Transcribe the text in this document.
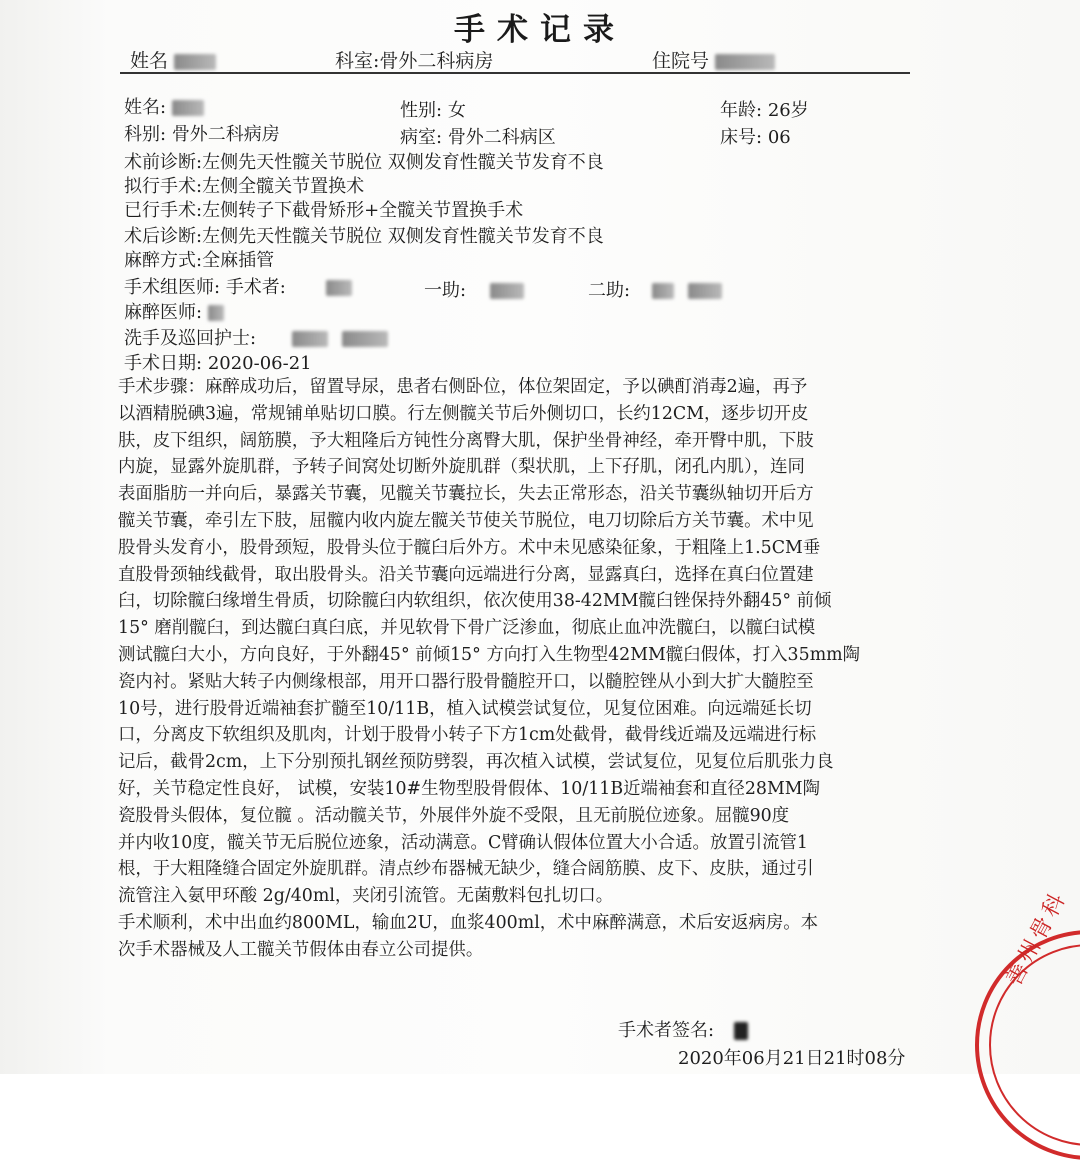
手术记录
姓名	科室:骨外二科病房	住院号
姓名:	性别: 女	年龄: 26岁
科别: 骨外二科病房	病室: 骨外二科病区	床号: 06
术前诊断:左侧先天性髋关节脱位 双侧发育性髋关节发育不良
拟行手术:左侧全髋关节置换术
已行手术:左侧转子下截骨矫形+全髋关节置换手术
术后诊断:左侧先天性髋关节脱位 双侧发育性髋关节发育不良
麻醉方式:全麻插管
手术组医师: 手术者:	一助:	二助:
麻醉医师:
洗手及巡回护士:
手术日期: 2020-06-21

手术步骤：麻醉成功后，留置导尿，患者右侧卧位，体位架固定，予以碘酊消毒2遍，再予

以酒精脱碘3遍，常规铺单贴切口膜。行左侧髋关节后外侧切口，长约12CM，逐步切开皮

肤，皮下组织，阔筋膜，予大粗隆后方钝性分离臀大肌，保护坐骨神经，牵开臀中肌，下肢

内旋，显露外旋肌群，予转子间窝处切断外旋肌群（梨状肌，上下孖肌，闭孔内肌），连同

表面脂肪一并向后，暴露关节囊，见髋关节囊拉长，失去正常形态，沿关节囊纵轴切开后方

髋关节囊，牵引左下肢，屈髋内收内旋左髋关节使关节脱位，电刀切除后方关节囊。术中见

股骨头发育小，股骨颈短，股骨头位于髋臼后外方。术中未见感染征象，于粗隆上1.5CM垂

直股骨颈轴线截骨，取出股骨头。沿关节囊向远端进行分离，显露真臼，选择在真臼位置建

臼，切除髋臼缘增生骨质，切除髋臼内软组织，依次使用38-42MM髋臼锉保持外翻45° 前倾

15° 磨削髋臼，到达髋臼真臼底，并见软骨下骨广泛渗血，彻底止血冲洗髋臼，以髋臼试模

测试髋臼大小，方向良好，于外翻45° 前倾15° 方向打入生物型42MM髋臼假体，打入35mm陶

瓷内衬。紧贴大转子内侧缘根部，用开口器行股骨髓腔开口，以髓腔锉从小到大扩大髓腔至

10号，进行股骨近端袖套扩髓至10/11B，植入试模尝试复位，见复位困难。向远端延长切

口，分离皮下软组织及肌肉，计划于股骨小转子下方1cm处截骨，截骨线近端及远端进行标

记后，截骨2cm，上下分别预扎钢丝预防劈裂，再次植入试模，尝试复位，见复位后肌张力良

好，关节稳定性良好， 试模，安装10#生物型股骨假体、10/11B近端袖套和直径28MM陶

瓷股骨头假体，复位髋 。活动髋关节，外展伴外旋不受限，且无前脱位迹象。屈髋90度

并内收10度，髋关节无后脱位迹象，活动满意。C臂确认假体位置大小合适。放置引流管1

根，于大粗隆缝合固定外旋肌群。清点纱布器械无缺少，缝合阔筋膜、皮下、皮肤，通过引

流管注入氨甲环酸 2g/40ml，夹闭引流管。无菌敷料包扎切口。

手术顺利，术中出血约800ML，输血2U，血浆400ml，术中麻醉满意，术后安返病房。本

次手术器械及人工髋关节假体由春立公司提供。

手术者签名:
2020年06月21日21时08分
善州骨科
